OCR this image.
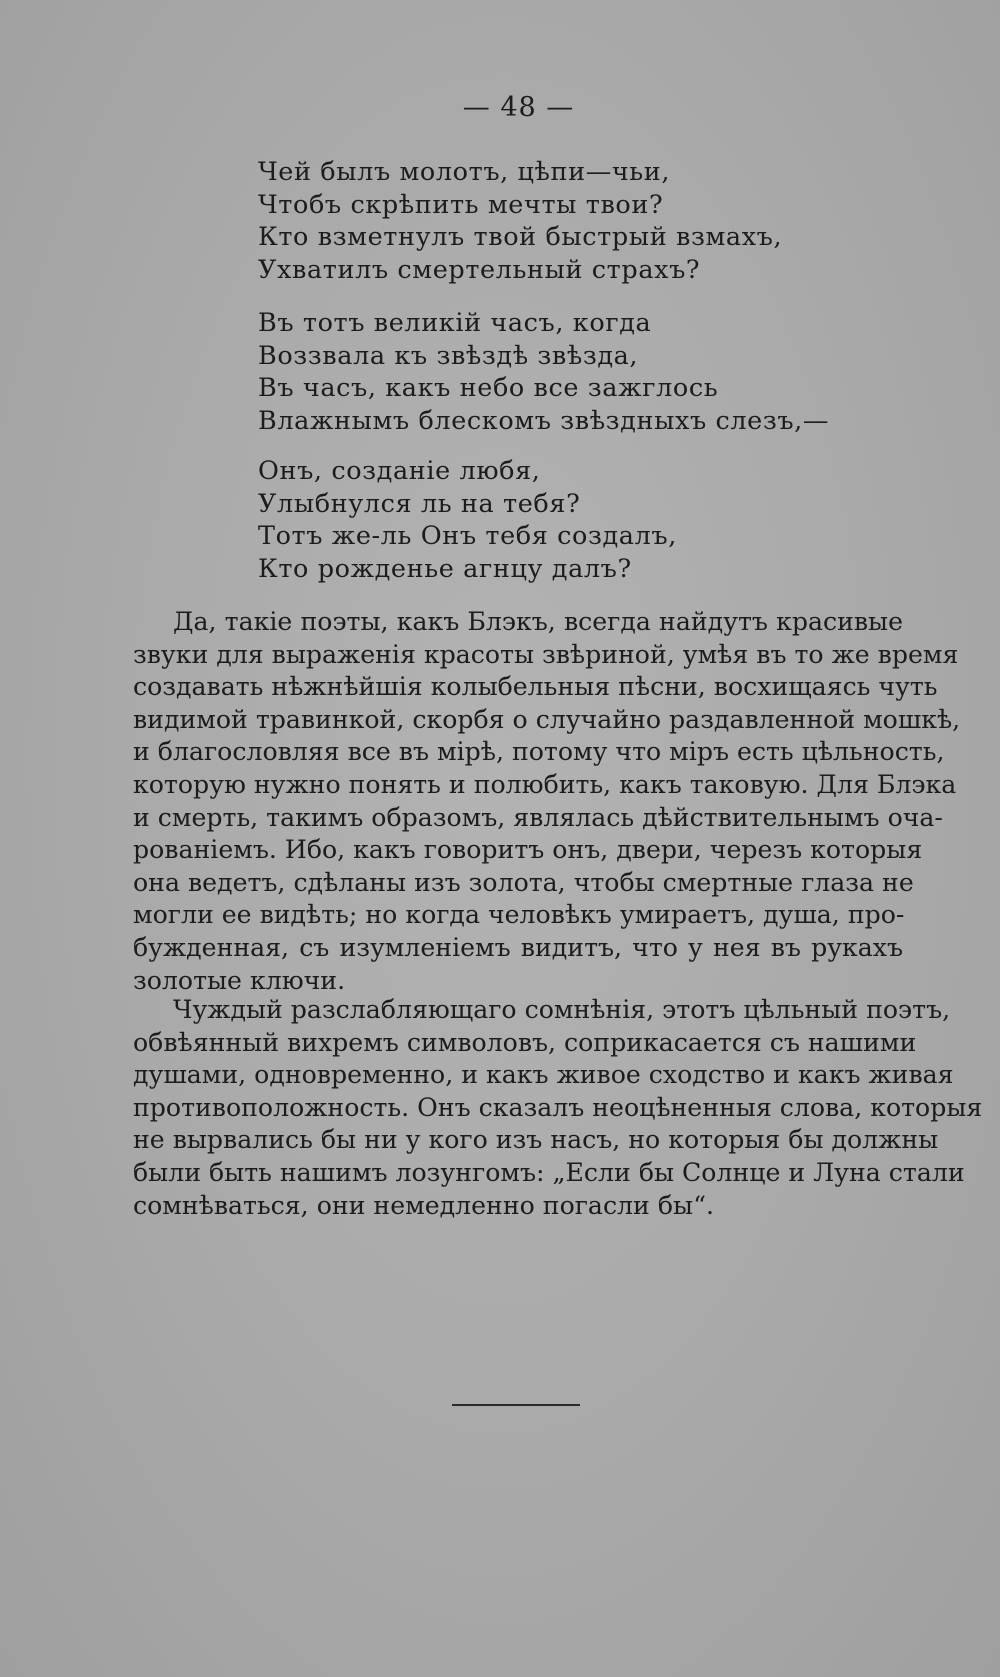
— 48 —
Чей былъ молотъ, цѣпи—чьи,
Чтобъ скрѣпить мечты твои?
Кто взметнулъ твой быстрый взмахъ,
Ухватилъ смертельный страхъ?
Въ тотъ великій часъ, когда
Воззвала къ звѣздѣ звѣзда,
Въ часъ, какъ небо все зажглось
Влажнымъ блескомъ звѣздныхъ слезъ,—
Онъ, созданіе любя,
Улыбнулся ль на тебя?
Тотъ же-ль Онъ тебя создалъ,
Кто рожденье агнцу далъ?
Да, такіе поэты, какъ Блэкъ, всегда найдутъ красивые
звуки для выраженія красоты звѣриной, умѣя въ то же время
создавать нѣжнѣйшія колыбельныя пѣсни, восхищаясь чуть
видимой травинкой, скорбя о случайно раздавленной мошкѣ,
и благословляя все въ мірѣ, потому что міръ есть цѣльность,
которую нужно понять и полюбить, какъ таковую. Для Блэка
и смерть, такимъ образомъ, являлась дѣйствительнымъ оча-
рованіемъ. Ибо, какъ говоритъ онъ, двери, черезъ которыя
она ведетъ, сдѣланы изъ золота, чтобы смертные глаза не
могли ее видѣть; но когда человѣкъ умираетъ, душа, про-
бужденная, съ изумленіемъ видитъ, что у нея въ рукахъ
золотые ключи.
Чуждый разслабляющаго сомнѣнія, этотъ цѣльный поэтъ,
обвѣянный вихремъ символовъ, соприкасается съ нашими
душами, одновременно, и какъ живое сходство и какъ живая
противоположность. Онъ сказалъ неоцѣненныя слова, которыя
не вырвались бы ни у кого изъ насъ, но которыя бы должны
были быть нашимъ лозунгомъ: „Если бы Солнце и Луна стали
сомнѣваться, они немедленно погасли бы“.
